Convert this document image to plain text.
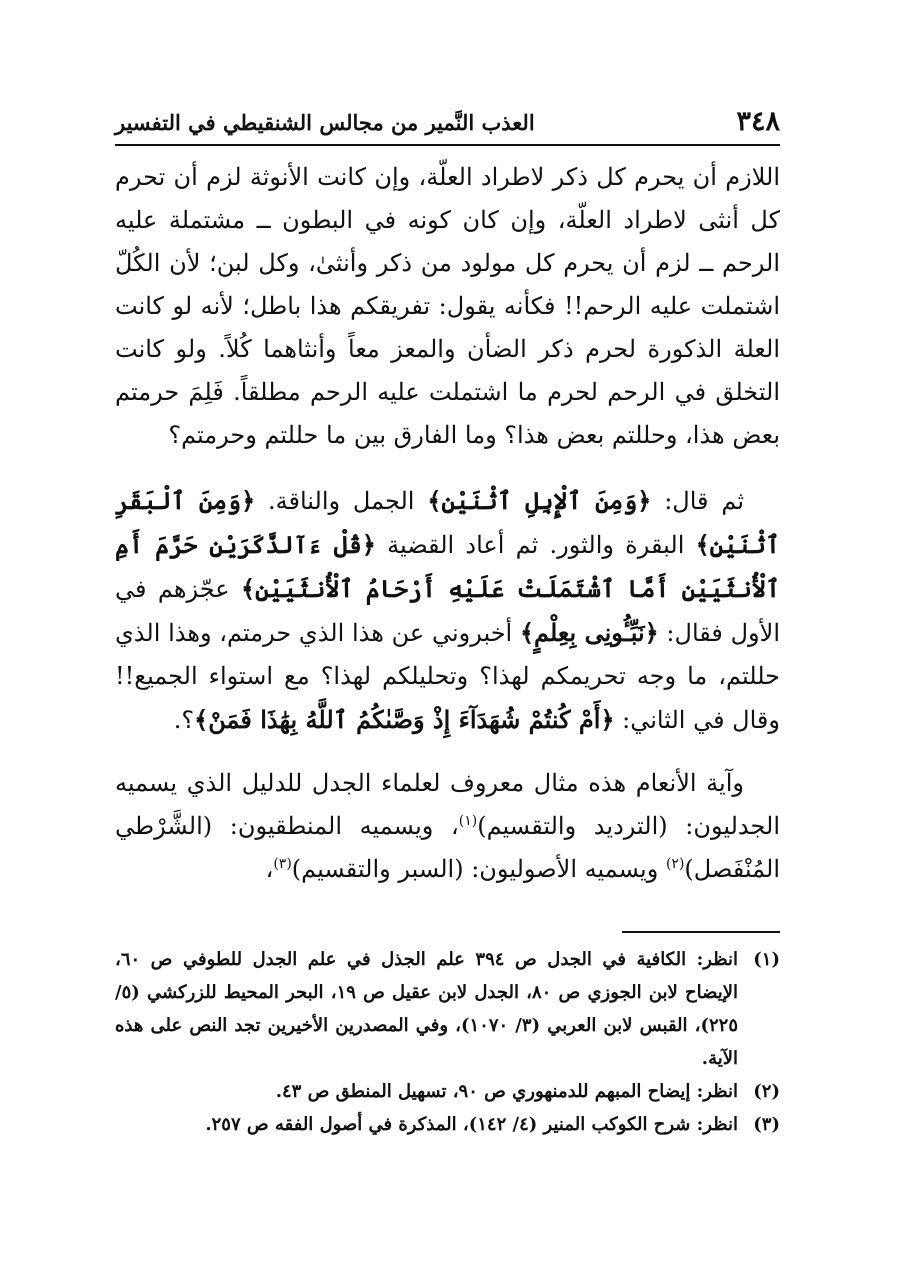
٣٤٨
العذب النَّمير من مجالس الشنقيطي في التفسير

اللازم أن يحرم كل ذكر لاطراد العلّة، وإن كانت الأنوثة لزم أن تحرم كل أنثى لاطراد العلّة، وإن كان كونه في البطون ــ مشتملة عليه الرحم ــ لزم أن يحرم كل مولود من ذكر وأنثىٰ، وكل لبن؛ لأن الكُلّ اشتملت عليه الرحم!! فكأنه يقول: تفريقكم هذا باطل؛ لأنه لو كانت العلة الذكورة لحرم ذكر الضأن والمعز معاً وأنثاهما كُلاً. ولو كانت التخلق في الرحم لحرم ما اشتملت عليه الرحم مطلقاً. فَلِمَ حرمتم بعض هذا، وحللتم بعض هذا؟ وما الفارق بين ما حللتم وحرمتم؟

ثم قال: ﴿وَمِنَ ٱلْإِبِلِ ٱثْنَيْنِ﴾ الجمل والناقة. ﴿وَمِنَ ٱلْبَقَرِ ٱثْنَيْنِ﴾ البقرة والثور. ثم أعاد القضية ﴿قُلْ ءَآلذَّكَرَيْنِ حَرَّمَ أَمِ ٱلْأُنثَيَيْنِ أَمَّا ٱشْتَمَلَتْ عَلَيْهِ أَرْحَامُ ٱلْأُنثَيَيْنِ﴾ عجّزهم في الأول فقال: ﴿نَبِّـُٔونِى بِعِلْمٍ﴾ أخبروني عن هذا الذي حرمتم، وهذا الذي حللتم، ما وجه تحريمكم لهذا؟ وتحليلكم لهذا؟ مع استواء الجميع!! وقال في الثاني: ﴿أَمْ كُنتُمْ شُهَدَآءَ إِذْ وَصَّىٰكُمُ ٱللَّهُ بِهَٰذَا فَمَنْ﴾؟.

وآية الأنعام هذه مثال معروف لعلماء الجدل للدليل الذي يسميه الجدليون: (الترديد والتقسيم)$^{(١)}$، ويسميه المنطقيون: (الشَّرْطي المُنْفَصل)$^{(٢)}$ ويسميه الأصوليون: (السبر والتقسيم)$^{(٣)}$،

(١)
انظر: الكافية في الجدل ص ٣٩٤ علم الجذل في علم الجدل للطوفي ص ٦٠، الإيضاح لابن الجوزي ص ٨٠، الجدل لابن عقيل ص ١٩، البحر المحيط للزركشي (٥/ ٢٢٥)، القبس لابن العربي (٣/ ١٠٧٠)، وفي المصدرين الأخيرين تجد النص على هذه الآية.
(٢)
انظر: إيضاح المبهم للدمنهوري ص ٩٠، تسهيل المنطق ص ٤٣.
(٣)
انظر: شرح الكوكب المنير (٤/ ١٤٢)، المذكرة في أصول الفقه ص ٢٥٧.
